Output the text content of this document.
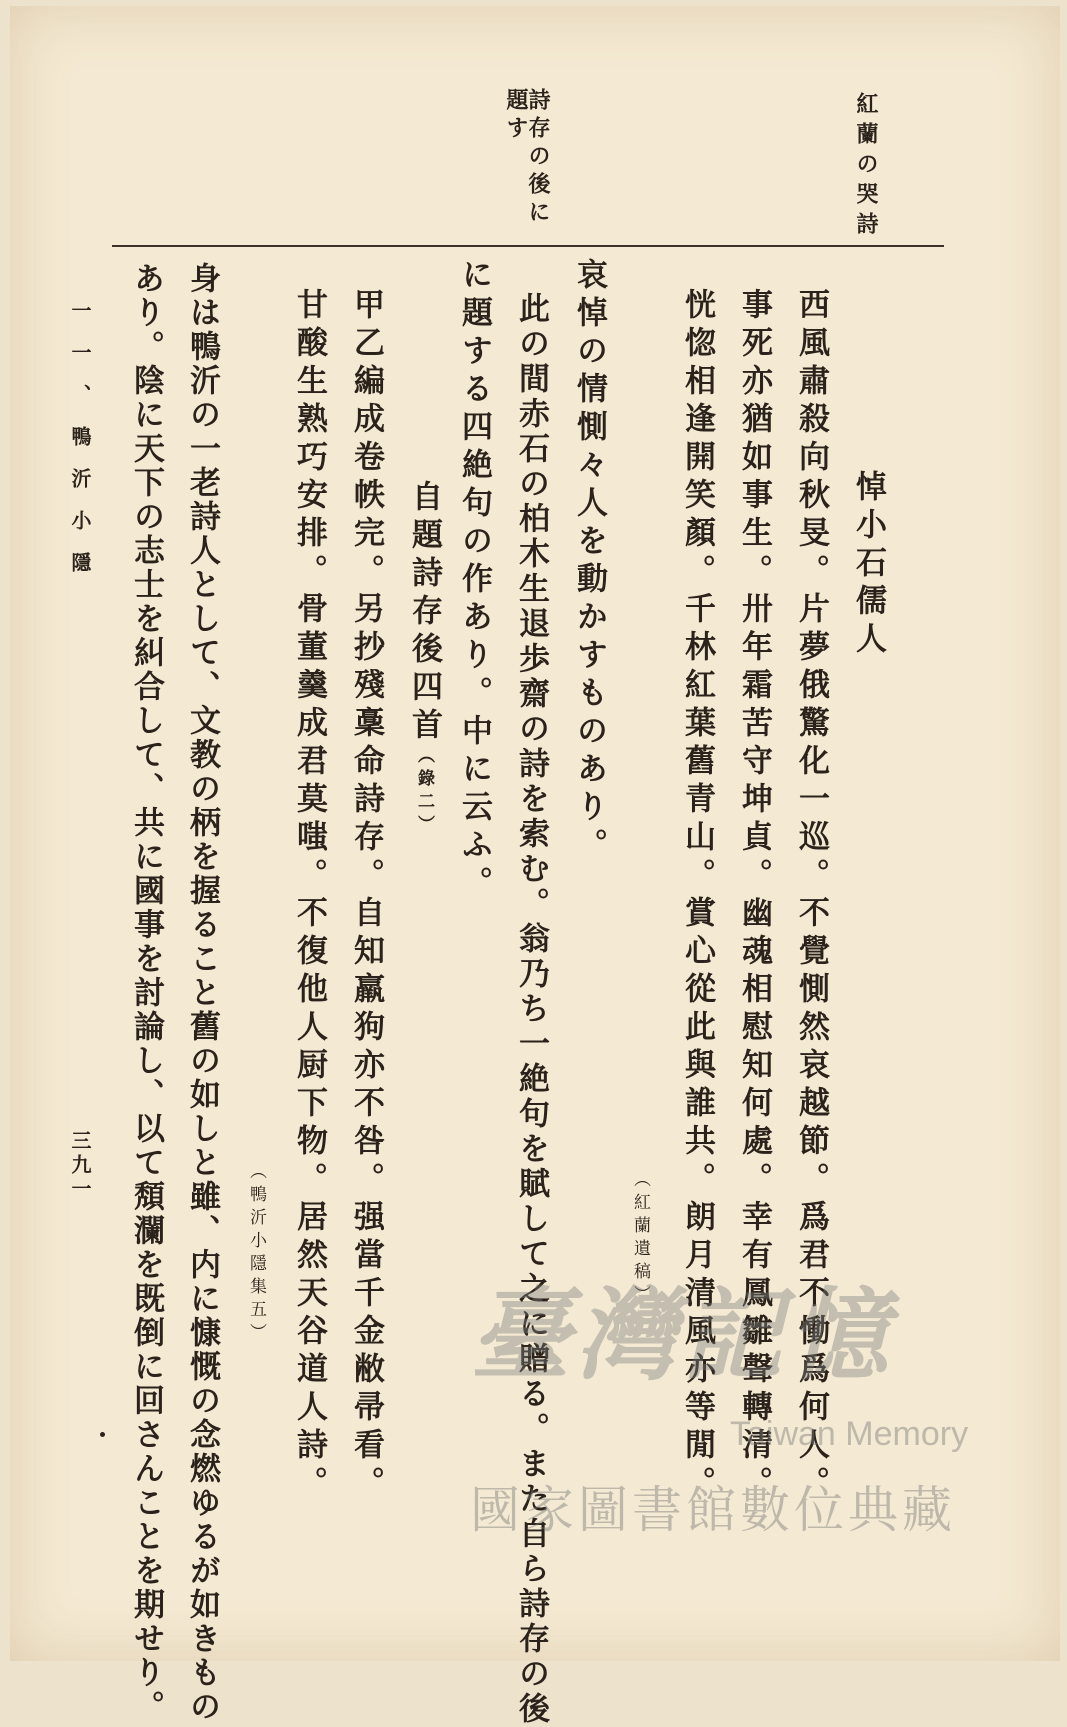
紅蘭の哭詩
詩存の後に題す
悼小石儒人
西風肅殺向秋旻。片夢俄驚化一巡。不覺惻然哀越節。爲君不慟爲何人。
事死亦猶如事生。卅年霜苦守坤貞。幽魂相慰知何處。幸有鳳雛聲轉清。
恍惚相逢開笑顏。千林紅葉舊青山。賞心從此與誰共。朗月清風亦等閒。
（紅蘭遺稿）
哀悼の情惻々人を動かすものあり。
此の間赤石の柏木生退歩齋の詩を索む。翁乃ち一絶句を賦して之に贈る。また自ら詩存の後
に題する四絶句の作あり。中に云ふ。
自題詩存後四首（錄二）
甲乙編成卷帙完。另抄殘稾命詩存。自知羸狗亦不咎。强當千金敝帚看。
甘酸生熟巧安排。骨董羹成君莫嗤。不復他人厨下物。居然天谷道人詩。
（鴨沂小隱集五）
身は鴨沂の一老詩人として、文教の柄を握ること舊の如しと雖、内に慷慨の念燃ゆるが如きもの
あり。陰に天下の志士を糾合して、共に國事を討論し、以て頽瀾を既倒に回さんことを期せり。
一一、鴨沂小隱
三九一
臺灣記憶
Taiwan Memory
國家圖書館數位典藏
